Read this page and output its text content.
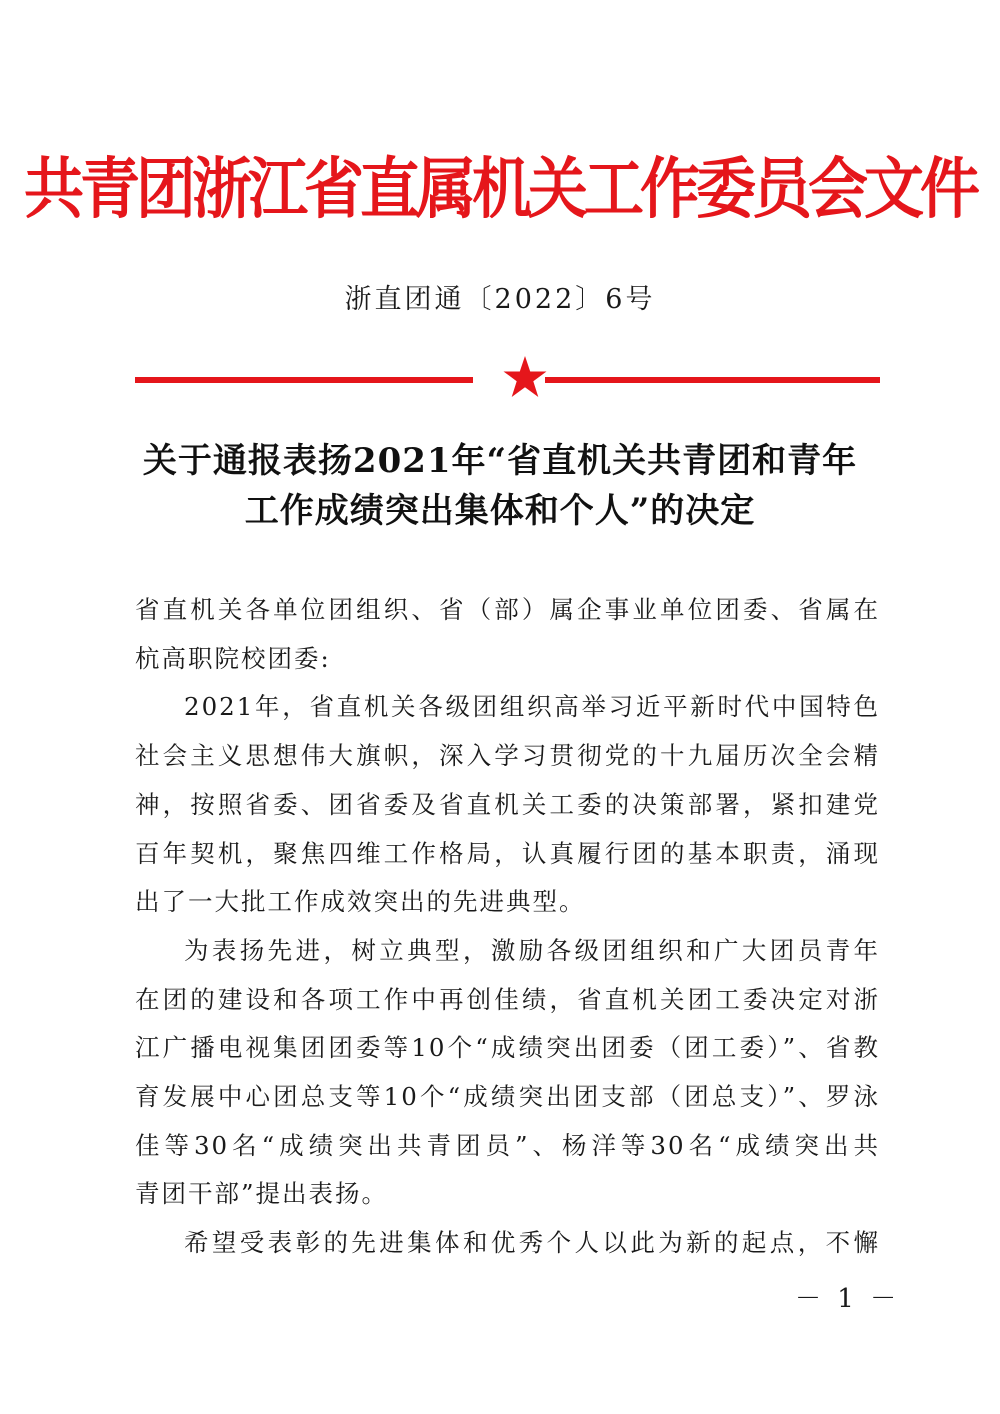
共青团浙江省直属机关工作委员会文件
浙直团通〔2022〕6号
关于通报表扬2021年“省直机关共青团和青年
工作成绩突出集体和个人”的决定
省直机关各单位团组织、省（部）属企事业单位团委、省属在
杭高职院校团委:
2021年，省直机关各级团组织高举习近平新时代中国特色
社会主义思想伟大旗帜，深入学习贯彻党的十九届历次全会精
神，按照省委、团省委及省直机关工委的决策部署，紧扣建党
百年契机，聚焦四维工作格局，认真履行团的基本职责，涌现
出了一大批工作成效突出的先进典型。
为表扬先进，树立典型，激励各级团组织和广大团员青年
在团的建设和各项工作中再创佳绩，省直机关团工委决定对浙
江广播电视集团团委等10个“成绩突出团委（团工委）”、省教
育发展中心团总支等10个“成绩突出团支部（团总支）”、罗泳
佳等30名“成绩突出共青团员”、杨洋等30名“成绩突出共
青团干部”提出表扬。
希望受表彰的先进集体和优秀个人以此为新的起点，不懈
－ 1 －
